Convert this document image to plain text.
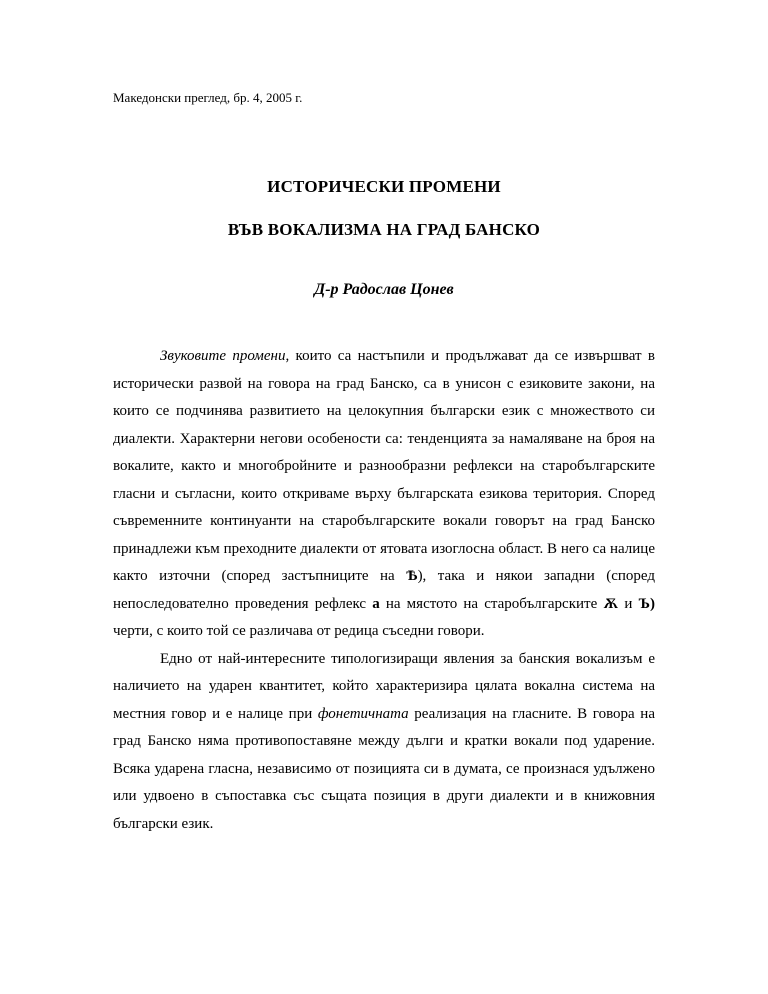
Македонски преглед, бр. 4, 2005 г.
ИСТОРИЧЕСКИ ПРОМЕНИ
ВЪВ ВОКАЛИЗМА НА ГРАД БАНСКО
Д-р Радослав Цонев

Звуковите промени, които са настъпили и продължават да се извършват в исторически развой на говора на град Банско, са в унисон с езиковите закони, на които се подчинява развитието на целокупния български език с множеството си диалекти. Характерни негови особености са: тенденцията за намаляване на броя на вокалите, както и многобройните и разнообразни рефлекси на старобългарските гласни и съгласни, които откриваме върху българската езикова територия. Според съвременните континуанти на старобългарските вокали говорът на град Банско принадлежи към преходните диалекти от ятовата изоглосна област. В него са налице както източни (според застъпниците на Ѣ), така и някои западни (според непоследователно проведения рефлекс а на мястото на старобългарските Ѫ и Ъ) черти, с които той се различава от редица съседни говори.

Едно от най-интересните типологизиращи явления за банския вокализъм е наличието на ударен квантитет, който характеризира цялата вокална система на местния говор и е налице при фонетичната реализация на гласните. В говора на град Банско няма противопоставяне между дълги и кратки вокали под ударение. Всяка ударена гласна, независимо от позицията си в думата, се произнася удължено или удвоено в съпоставка със същата позиция в други диалекти и в книжовния български език.
